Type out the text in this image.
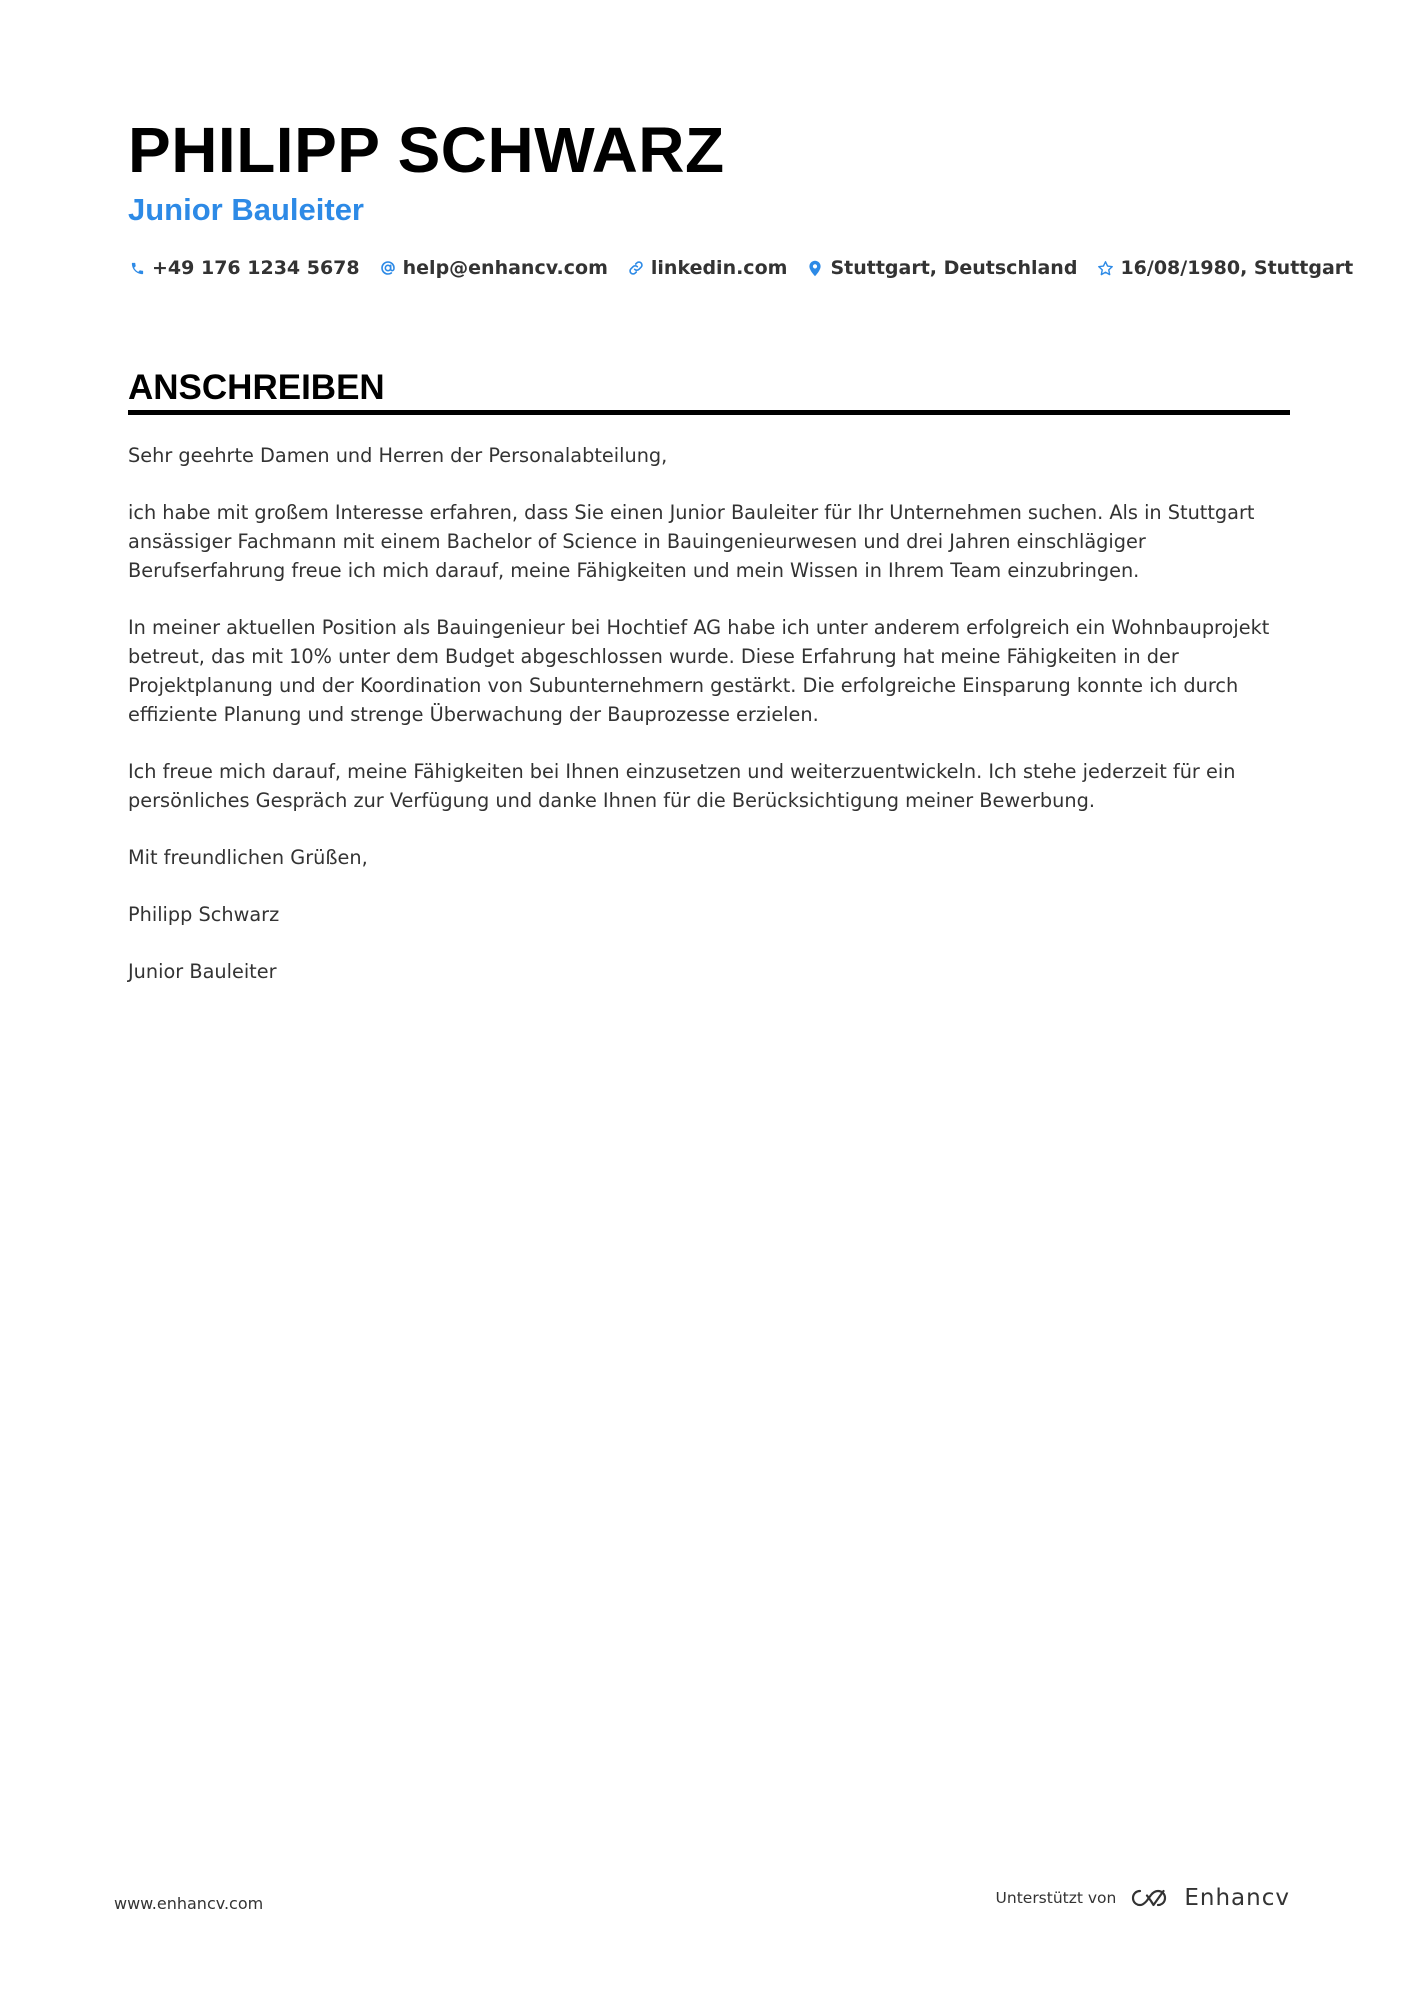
PHILIPP SCHWARZ
Junior Bauleiter
+49 176 1234 5678 help@enhancv.com linkedin.com Stuttgart, Deutschland 16/08/1980, Stuttgart
ANSCHREIBEN

Sehr geehrte Damen und Herren der Personalabteilung,

ich habe mit großem Interesse erfahren, dass Sie einen Junior Bauleiter für Ihr Unternehmen suchen. Als in Stuttgart ansässiger Fachmann mit einem Bachelor of Science in Bauingenieurwesen und drei Jahren einschlägiger Berufserfahrung freue ich mich darauf, meine Fähigkeiten und mein Wissen in Ihrem Team einzubringen.

In meiner aktuellen Position als Bauingenieur bei Hochtief AG habe ich unter anderem erfolgreich ein Wohnbauprojekt betreut, das mit 10% unter dem Budget abgeschlossen wurde. Diese Erfahrung hat meine Fähigkeiten in der Projektplanung und der Koordination von Subunternehmern gestärkt. Die erfolgreiche Einsparung konnte ich durch effiziente Planung und strenge Überwachung der Bauprozesse erzielen.

Ich freue mich darauf, meine Fähigkeiten bei Ihnen einzusetzen und weiterzuentwickeln. Ich stehe jederzeit für ein persönliches Gespräch zur Verfügung und danke Ihnen für die Berücksichtigung meiner Bewerbung.

Mit freundlichen Grüßen,

Philipp Schwarz

Junior Bauleiter

www.enhancv.com	Unterstützt von	Enhancv
